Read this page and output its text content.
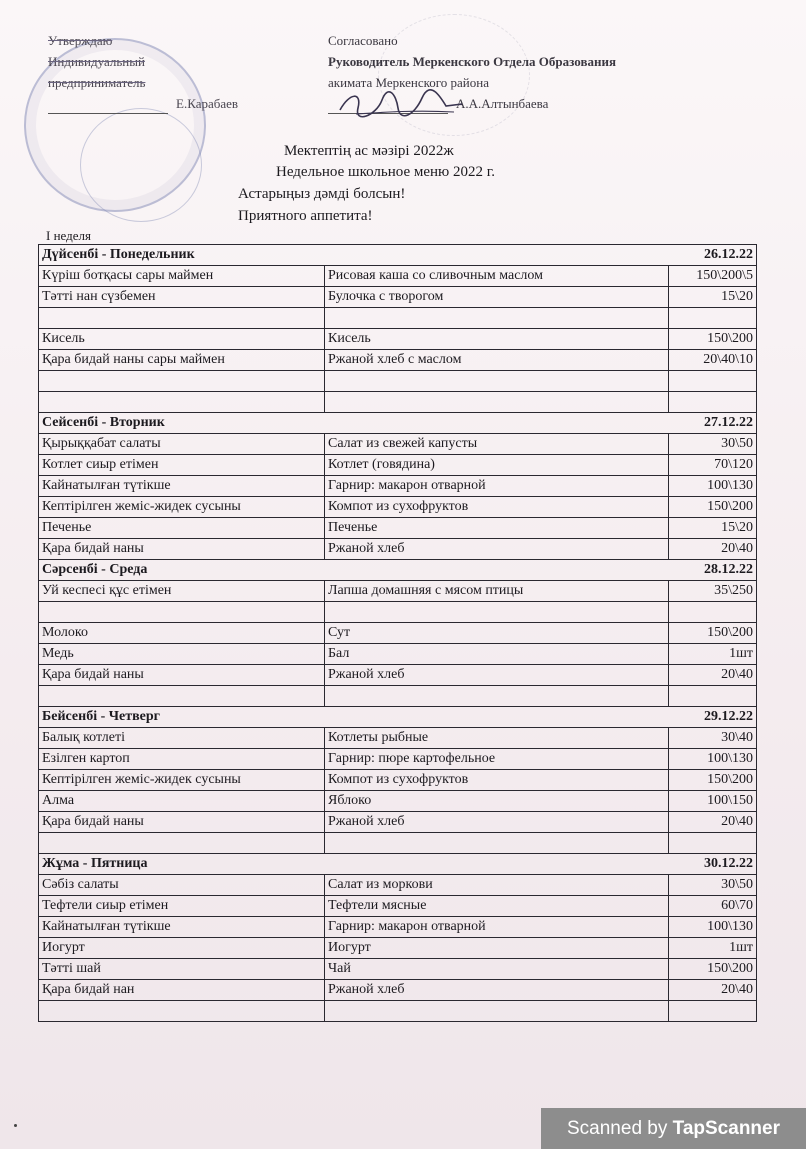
Утверждаю
Индивидуальный
предприниматель
Е.Карабаев
Согласовано
Руководитель Меркенского Отдела Образования
акимата Меркенского района
А.А.Алтынбаева
Мектептің ас мәзірі 2022ж
Недельное школьное меню 2022 г.
Астарыңыз дәмді болсын!
Приятного аппетита!
I неделя
Дүйсенбі - Понедельник	26.12.22	
Күріш ботқасы сары маймен	Рисовая каша со сливочным маслом	150\200\5
Тәтті нан сүзбемен	Булочка с творогом	15\20

Кисель	Кисель	150\200
Қара бидай наны сары маймен	Ржаной хлеб с маслом	20\40\10

Сейсенбі - Вторник	27.12.22	
Қырыққабат салаты	Салат из свежей капусты	30\50
Котлет сиыр етімен	Котлет (говядина)	70\120
Кайнатылған түтікше	Гарнир: макарон отварной	100\130
Кептірілген жеміс-жидек сусыны	Компот из сухофруктов	150\200
Печенье	Печенье	15\20
Қара бидай наны	Ржаной хлеб	20\40
Сәрсенбі - Среда	28.12.22	
Уй кеспесі құс етімен	Лапша домашняя с мясом птицы	35\250

Молоко	Сут	150\200
Медь	Бал	1шт
Қара бидай наны	Ржаной хлеб	20\40

Бейсенбі - Четверг	29.12.22	
Балық котлеті	Котлеты рыбные	30\40
Езілген картоп	Гарнир: пюре картофельное	100\130
Кептірілген жеміс-жидек сусыны	Компот из сухофруктов	150\200
Алма	Яблоко	100\150
Қара бидай наны	Ржаной хлеб	20\40

Жұма - Пятница	30.12.22	
Сәбіз салаты	Салат из моркови	30\50
Тефтели сиыр етімен	Тефтели мясные	60\70
Кайнатылған түтікше	Гарнир: макарон отварной	100\130
Иогурт	Иогурт	1шт
Тәтті шай	Чай	150\200
Қара бидай нан	Ржаной хлеб	20\40

Scanned by TapScanner
